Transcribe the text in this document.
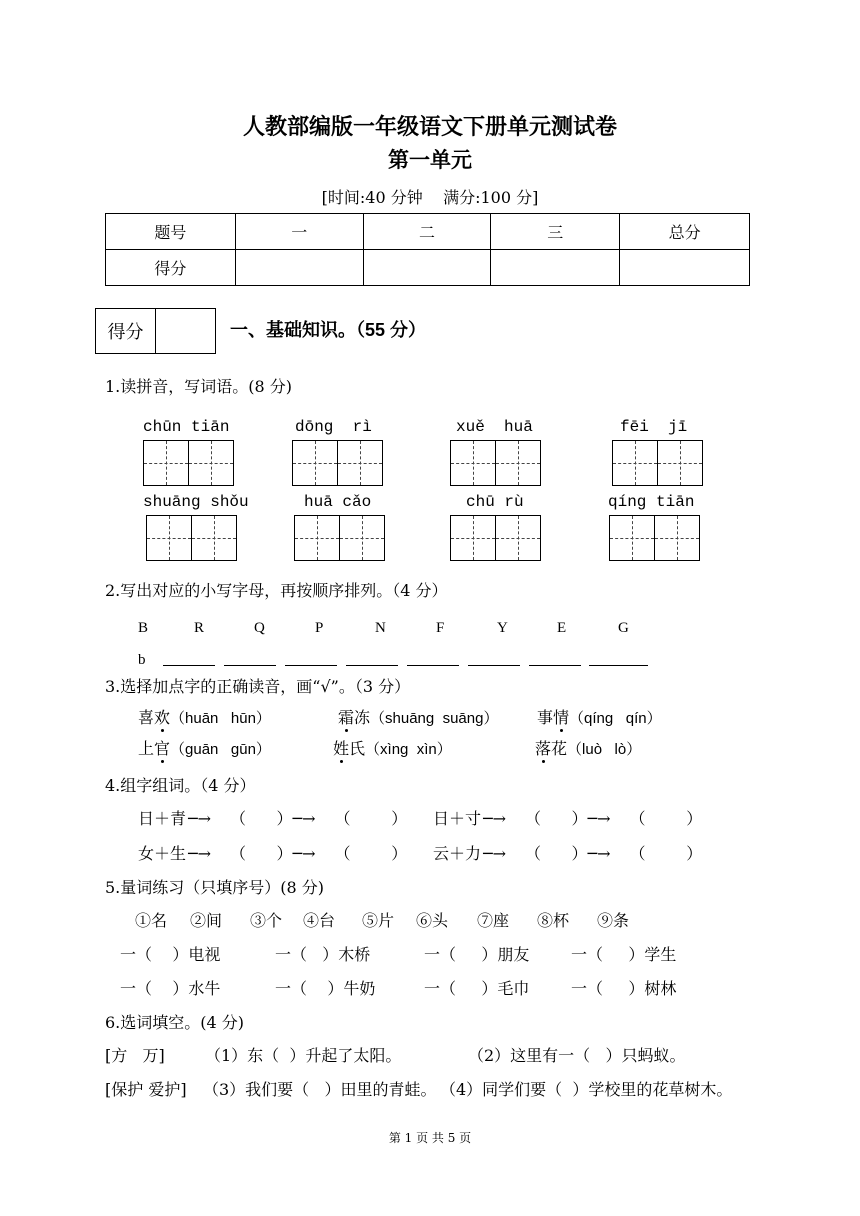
人教部编版一年级语文下册单元测试卷
第一单元
[时间:40 分钟    满分:100 分]
题号	一	二	三	总分
得分				
得分	一、基础知识。（55 分）
1.读拼音，写词语。(8 分)
chūn tiān	dōng  rì	xuě  huā	fēi  jī
shuāng shǒu	huā cǎo	chū rù	qíng tiān
2.写出对应的小写字母，再按顺序排列。（4 分）
B	R	Q	P	N	F	Y	E	G
b
3.选择加点字的正确读音，画“√”。（3 分）
喜欢（huān   hūn）	霜冻（shuāng  suāng） 事情（qíng   qín）
上官（guān   gūn）	姓氏（xìng  xìn）	落花（luò   lò）
4.组字组词。（4 分）
日＋青 ─→ （      ）─→ （        ） 日＋寸 ─→ （      ）─→ （        ）
女＋生 ─→ （      ）─→ （        ） 云＋力 ─→ （      ）─→ （        ）
5.量词练习（只填序号）(8 分)
①名 ②间 ③个 ④台 ⑤片 ⑥头 ⑦座 ⑧杯 ⑨条
一（    ）电视	一（   ）木桥	一（     ）朋友	一（     ）学生
一（    ）水牛	一（    ）牛奶	一（     ）毛巾	一（     ）树林
6.选词填空。(4 分)
[方   万]	（1）东（  ）升起了太阳。	（2）这里有一（   ）只蚂蚁。
[保护 爱护] （3）我们要（   ）田里的青蛙。 （4）同学们要（  ）学校里的花草树木。
第 1 页 共 5 页
